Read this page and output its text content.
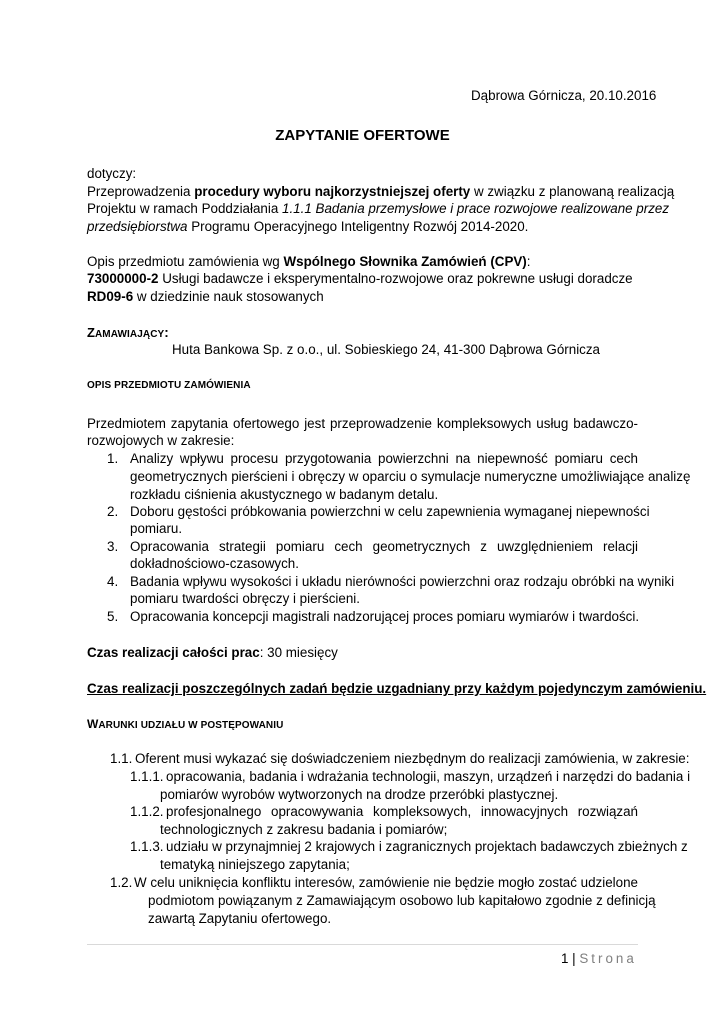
Dąbrowa Górnicza, 20.10.2016
ZAPYTANIE OFERTOWE
dotyczy:
Przeprowadzenia procedury wyboru najkorzystniejszej oferty w związku z planowaną realizacją
Projektu w ramach Poddziałania 1.1.1 Badania przemysłowe i prace rozwojowe realizowane przez
przedsiębiorstwa Programu Operacyjnego Inteligentny Rozwój 2014-2020.
Opis przedmiotu zamówienia wg Wspólnego Słownika Zamówień (CPV):
73000000-2 Usługi badawcze i eksperymentalno-rozwojowe oraz pokrewne usługi doradcze
RD09-6 w dziedzinie nauk stosowanych
ZAMAWIAJĄCY:
Huta Bankowa Sp. z o.o., ul. Sobieskiego 24, 41-300 Dąbrowa Górnicza
OPIS PRZEDMIOTU ZAMÓWIENIA
Przedmiotem zapytania ofertowego jest przeprowadzenie kompleksowych usług badawczo-
rozwojowych w zakresie:
1. Analizy wpływu procesu przygotowania powierzchni na niepewność pomiaru cech
geometrycznych pierścieni i obręczy w oparciu o symulacje numeryczne umożliwiające analizę
rozkładu ciśnienia akustycznego w badanym detalu.
2. Doboru gęstości próbkowania powierzchni w celu zapewnienia wymaganej niepewności
pomiaru.
3. Opracowania strategii pomiaru cech geometrycznych z uwzględnieniem relacji
dokładnościowo-czasowych.
4. Badania wpływu wysokości i układu nierówności powierzchni oraz rodzaju obróbki na wyniki
pomiaru twardości obręczy i pierścieni.
5. Opracowania koncepcji magistrali nadzorującej proces pomiaru wymiarów i twardości.
Czas realizacji całości prac: 30 miesięcy
Czas realizacji poszczególnych zadań będzie uzgadniany przy każdym pojedynczym zamówieniu.
WARUNKI UDZIAŁU W POSTĘPOWANIU
1.1. Oferent musi wykazać się doświadczeniem niezbędnym do realizacji zamówienia, w zakresie:
1.1.1. opracowania, badania i wdrażania technologii, maszyn, urządzeń i narzędzi do badania i
pomiarów wyrobów wytworzonych na drodze przeróbki plastycznej.
1.1.2. profesjonalnego opracowywania kompleksowych, innowacyjnych rozwiązań
technologicznych z zakresu badania i pomiarów;
1.1.3. udziału w przynajmniej 2 krajowych i zagranicznych projektach badawczych zbieżnych z
tematyką niniejszego zapytania;
1.2. W celu uniknięcia konfliktu interesów, zamówienie nie będzie mogło zostać udzielone
podmiotom powiązanym z Zamawiającym osobowo lub kapitałowo zgodnie z definicją
zawartą Zapytaniu ofertowego.
1 | Strona
